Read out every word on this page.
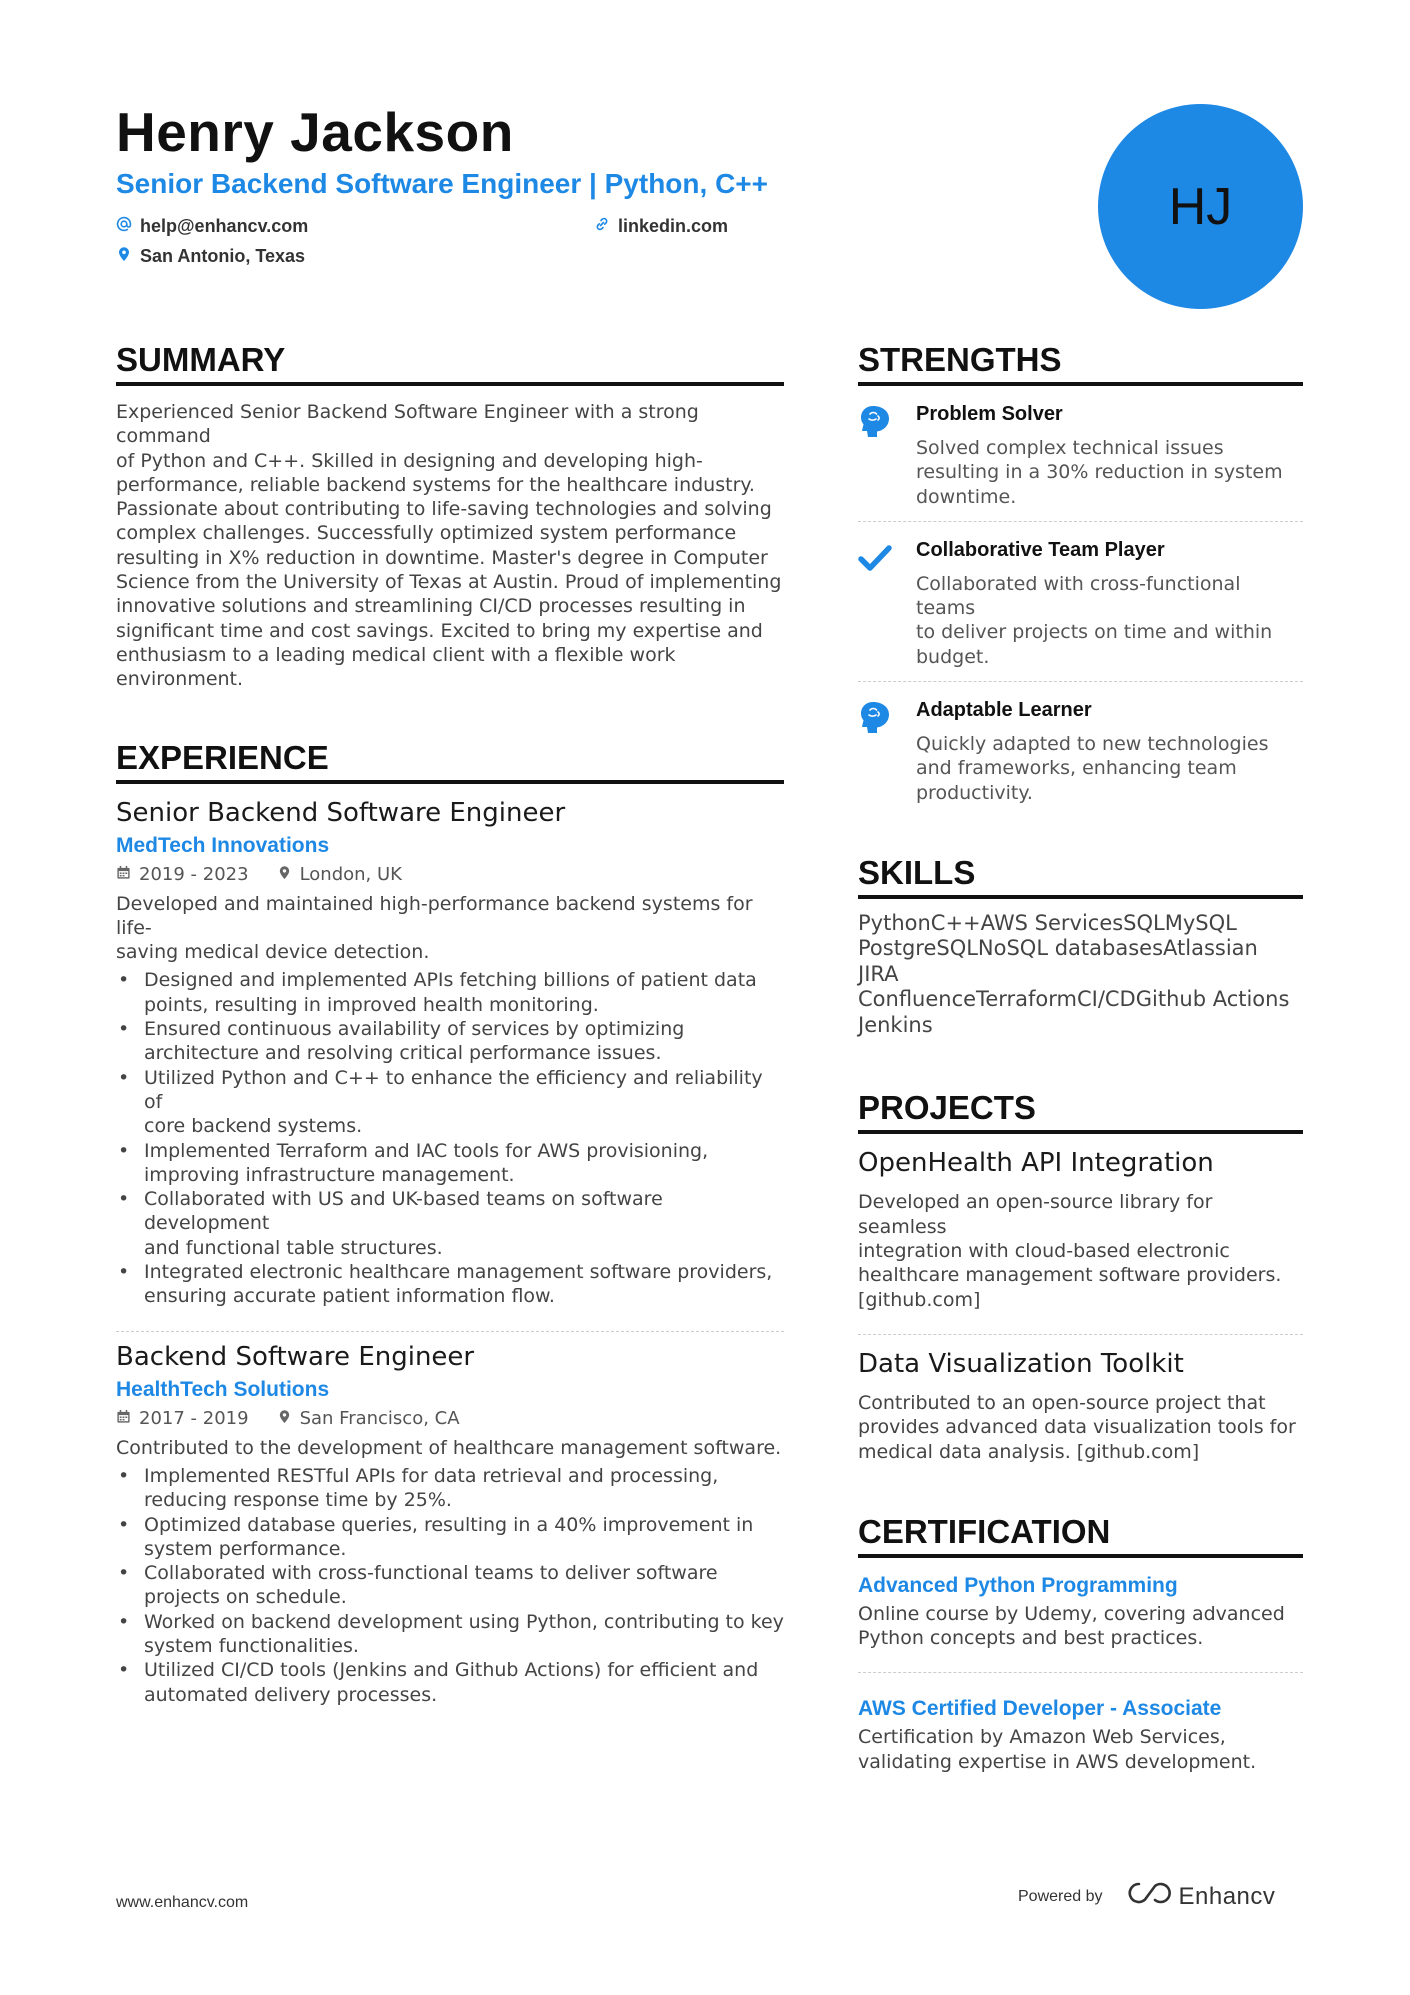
Henry Jackson
Senior Backend Software Engineer | Python, C++
help@enhancv.com	linkedin.com
San Antonio, Texas
HJ
SUMMARY
Experienced Senior Backend Software Engineer with a strong command
of Python and C++. Skilled in designing and developing high-
performance, reliable backend systems for the healthcare industry.
Passionate about contributing to life-saving technologies and solving
complex challenges. Successfully optimized system performance
resulting in X% reduction in downtime. Master's degree in Computer
Science from the University of Texas at Austin. Proud of implementing
innovative solutions and streamlining CI/CD processes resulting in
significant time and cost savings. Excited to bring my expertise and
enthusiasm to a leading medical client with a flexible work environment.
EXPERIENCE
Senior Backend Software Engineer
MedTech Innovations
2019 - 2023	London, UK
Developed and maintained high-performance backend systems for life-
saving medical device detection.
• Designed and implemented APIs fetching billions of patient data
points, resulting in improved health monitoring.
• Ensured continuous availability of services by optimizing
architecture and resolving critical performance issues.
• Utilized Python and C++ to enhance the efficiency and reliability of
core backend systems.
• Implemented Terraform and IAC tools for AWS provisioning,
improving infrastructure management.
• Collaborated with US and UK-based teams on software development
and functional table structures.
• Integrated electronic healthcare management software providers,
ensuring accurate patient information flow.
Backend Software Engineer
HealthTech Solutions
2017 - 2019	San Francisco, CA
Contributed to the development of healthcare management software.
• Implemented RESTful APIs for data retrieval and processing,
reducing response time by 25%.
• Optimized database queries, resulting in a 40% improvement in
system performance.
• Collaborated with cross-functional teams to deliver software
projects on schedule.
• Worked on backend development using Python, contributing to key
system functionalities.
• Utilized CI/CD tools (Jenkins and Github Actions) for efficient and
automated delivery processes.
STRENGTHS
Problem Solver
Solved complex technical issues
resulting in a 30% reduction in system
downtime.
Collaborative Team Player
Collaborated with cross-functional teams
to deliver projects on time and within
budget.
Adaptable Learner
Quickly adapted to new technologies
and frameworks, enhancing team
productivity.
SKILLS
PythonC++AWS ServicesSQLMySQL
PostgreSQLNoSQL databasesAtlassian JIRA
ConfluenceTerraformCI/CDGithub Actions
Jenkins
PROJECTS
OpenHealth API Integration
Developed an open-source library for seamless
integration with cloud-based electronic
healthcare management software providers.
[github.com]
Data Visualization Toolkit
Contributed to an open-source project that
provides advanced data visualization tools for
medical data analysis. [github.com]
CERTIFICATION
Advanced Python Programming
Online course by Udemy, covering advanced
Python concepts and best practices.
AWS Certified Developer - Associate
Certification by Amazon Web Services,
validating expertise in AWS development.
www.enhancv.com	Powered by	Enhancv
